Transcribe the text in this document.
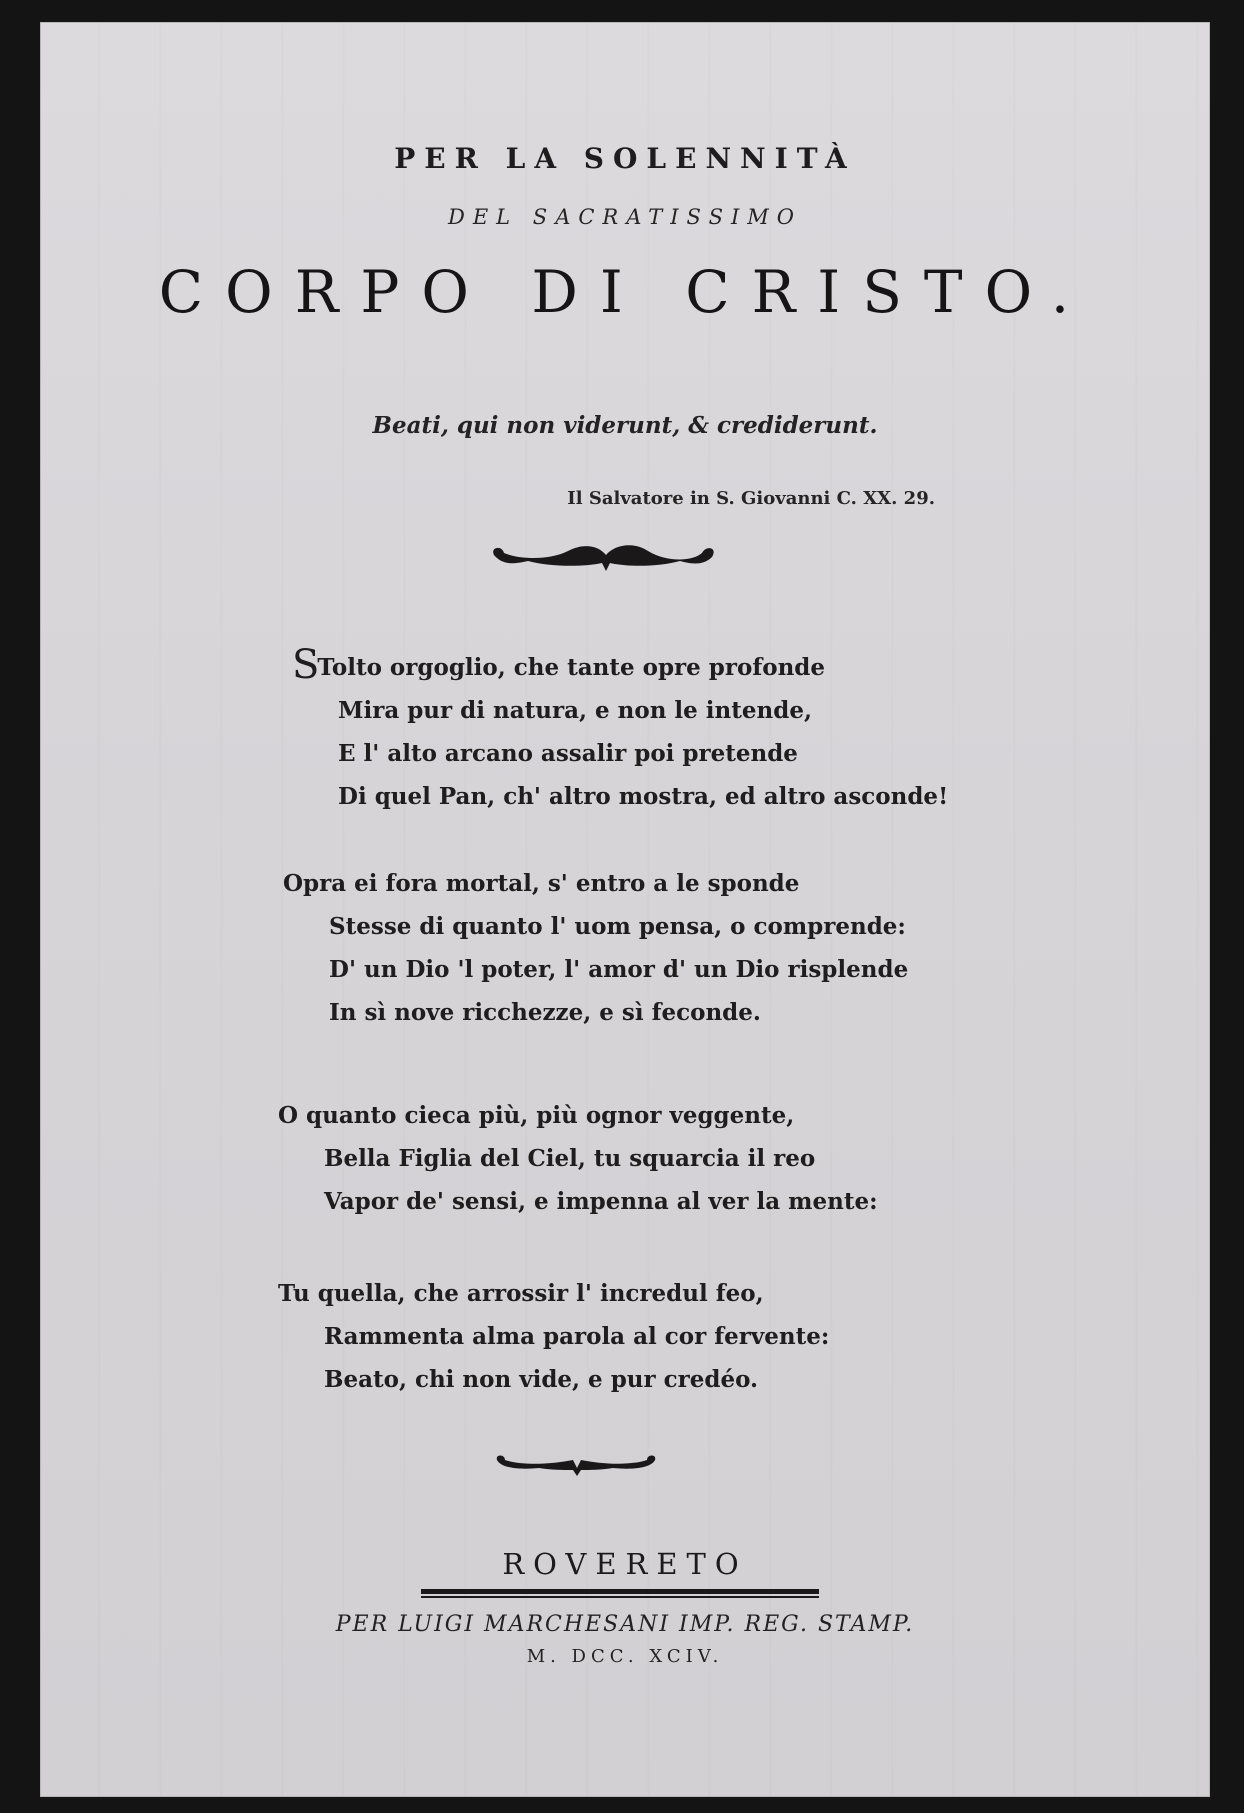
PER LA SOLENNITÀ
DEL SACRATISSIMO
CORPO DI CRISTO.
Beati, qui non viderunt, & crediderunt.
Il Salvatore in S. Giovanni C. XX. 29.
STolto orgoglio, che tante opre profonde
Mira pur di natura, e non le intende,
E l' alto arcano assalir poi pretende
Di quel Pan, ch' altro mostra, ed altro asconde!
Opra ei fora mortal, s' entro a le sponde
Stesse di quanto l' uom pensa, o comprende:
D' un Dio 'l poter, l' amor d' un Dio risplende
In sì nove ricchezze, e sì feconde.
O quanto cieca più, più ognor veggente,
Bella Figlia del Ciel, tu squarcia il reo
Vapor de' sensi, e impenna al ver la mente:
Tu quella, che arrossir l' incredul feo,
Rammenta alma parola al cor fervente:
Beato, chi non vide, e pur credéo.
ROVERETO
PER LUIGI MARCHESANI IMP. REG. STAMP.
M. DCC. XCIV.
